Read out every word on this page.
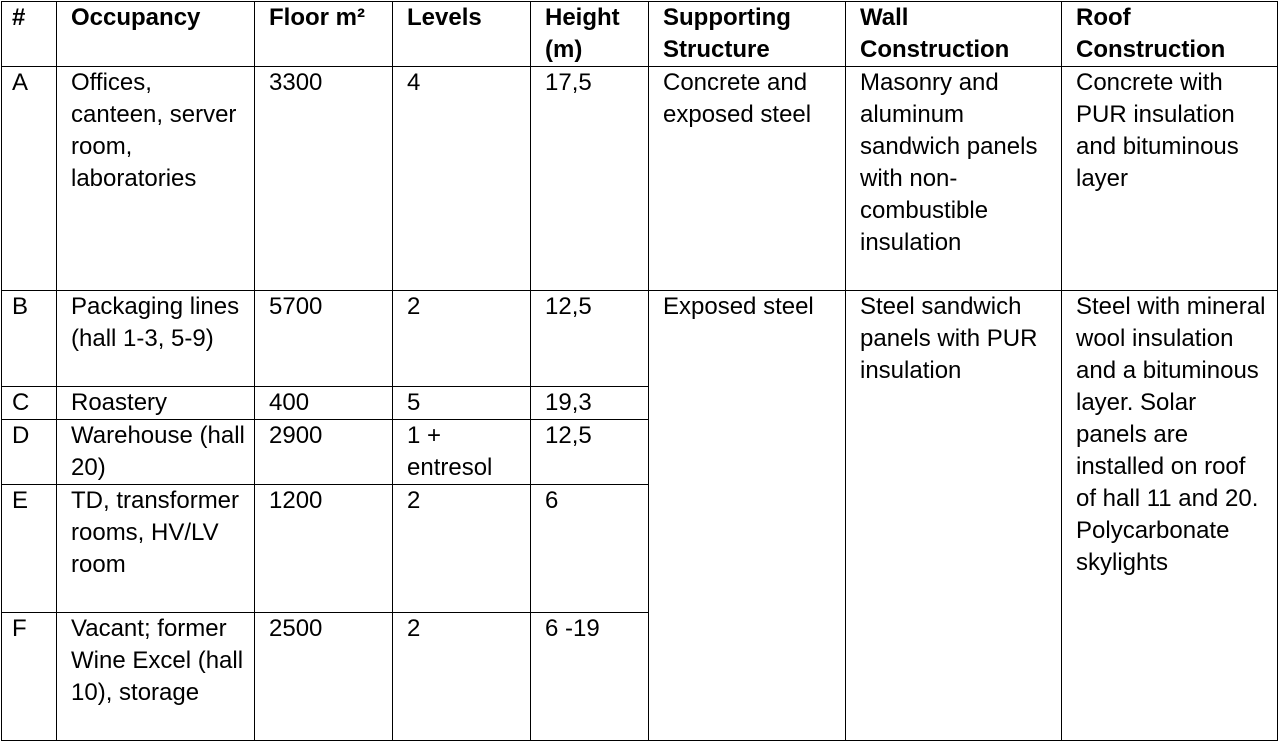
#	Occupancy	Floor m²	Levels	Height (m)	Supporting Structure	Wall Construction	Roof Construction
A	Offices, canteen, server room, laboratories	3300	4	17,5	Concrete and exposed steel	Masonry and aluminum sandwich panels with non-combustible insulation	Concrete with PUR insulation and bituminous layer
B	Packaging lines (hall 1-3, 5-9)	5700	2	12,5	Exposed steel	Steel sandwich panels with PUR insulation	Steel with mineral wool insulation and a bituminous layer. Solar panels are installed on roof of hall 11 and 20. Polycarbonate skylights
C	Roastery	400	5	19,3			
D	Warehouse (hall 20)	2900	1 + entresol	12,5			
E	TD, transformer rooms, HV/LV room	1200	2	6			
F	Vacant; former Wine Excel (hall 10), storage	2500	2	6 -19			
